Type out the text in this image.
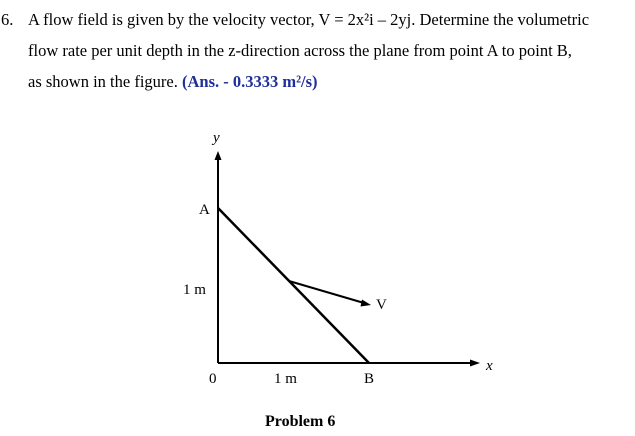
6. A flow field is given by the velocity vector, V = 2x²i – 2yj. Determine the volumetric
flow rate per unit depth in the z-direction across the plane from point A to point B,
as shown in the figure. (Ans. - 0.3333 m²/s)
y
x
A
B
0
1 m
1 m
V
Problem 6
